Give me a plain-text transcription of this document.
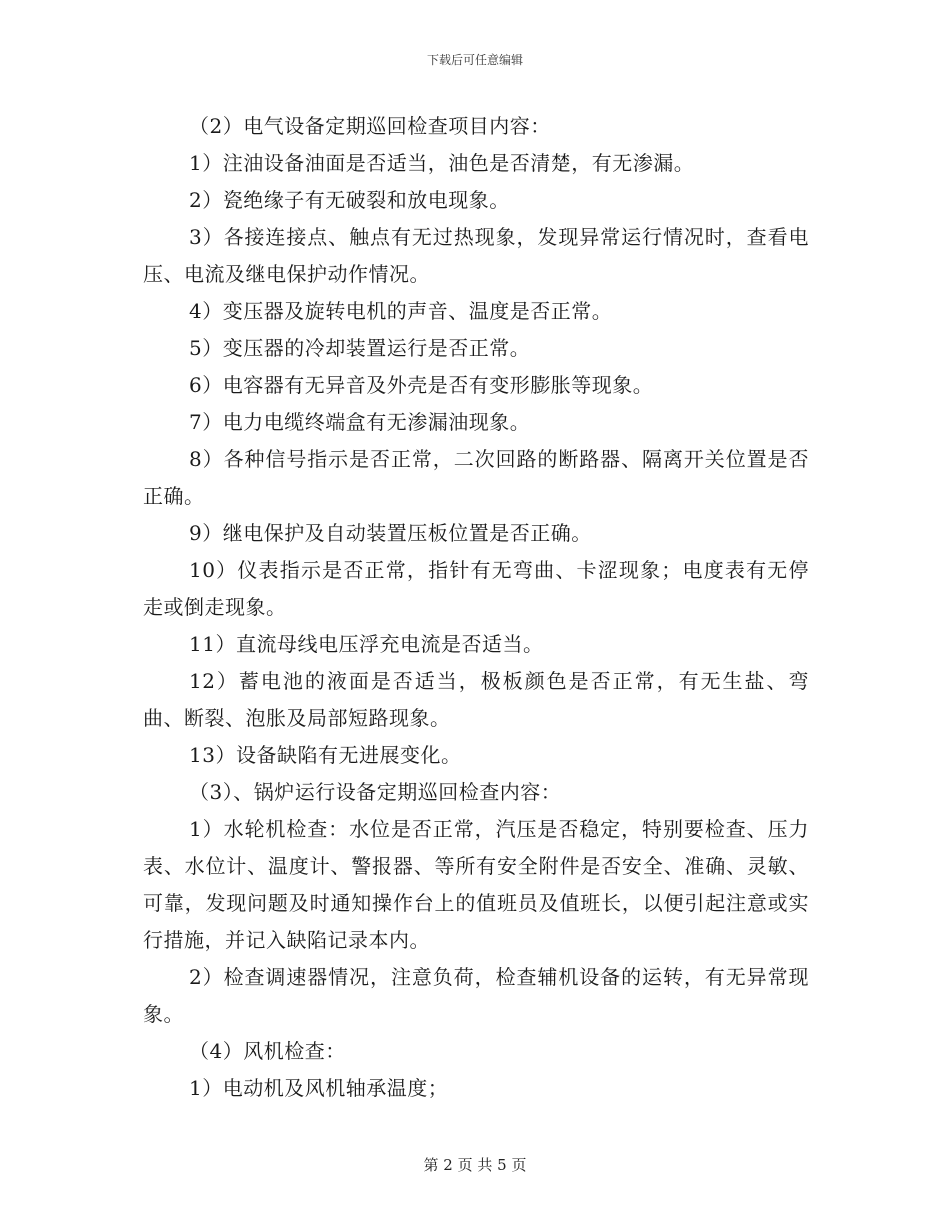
下载后可任意编辑

（2）电气设备定期巡回检查项目内容：

1）注油设备油面是否适当，油色是否清楚，有无渗漏。

2）瓷绝缘子有无破裂和放电现象。

3）各接连接点、触点有无过热现象，发现异常运行情况时，查看电压、电流及继电保护动作情况。

4）变压器及旋转电机的声音、温度是否正常。

5）变压器的冷却装置运行是否正常。

6）电容器有无异音及外壳是否有变形膨胀等现象。

7）电力电缆终端盒有无渗漏油现象。

8）各种信号指示是否正常，二次回路的断路器、隔离开关位置是否正确。

9）继电保护及自动装置压板位置是否正确。

10）仪表指示是否正常，指针有无弯曲、卡涩现象；电度表有无停走或倒走现象。

11）直流母线电压浮充电流是否适当。

12）蓄电池的液面是否适当，极板颜色是否正常，有无生盐、弯曲、断裂、泡胀及局部短路现象。

13）设备缺陷有无进展变化。

（3）、锅炉运行设备定期巡回检查内容：

1）水轮机检查：水位是否正常，汽压是否稳定，特别要检查、压力表、水位计、温度计、警报器、等所有安全附件是否安全、准确、灵敏、可靠，发现问题及时通知操作台上的值班员及值班长，以便引起注意或实行措施，并记入缺陷记录本内。

2）检查调速器情况，注意负荷，检查辅机设备的运转，有无异常现象。

（4）风机检查：

1）电动机及风机轴承温度；

第 2 页 共 5 页
